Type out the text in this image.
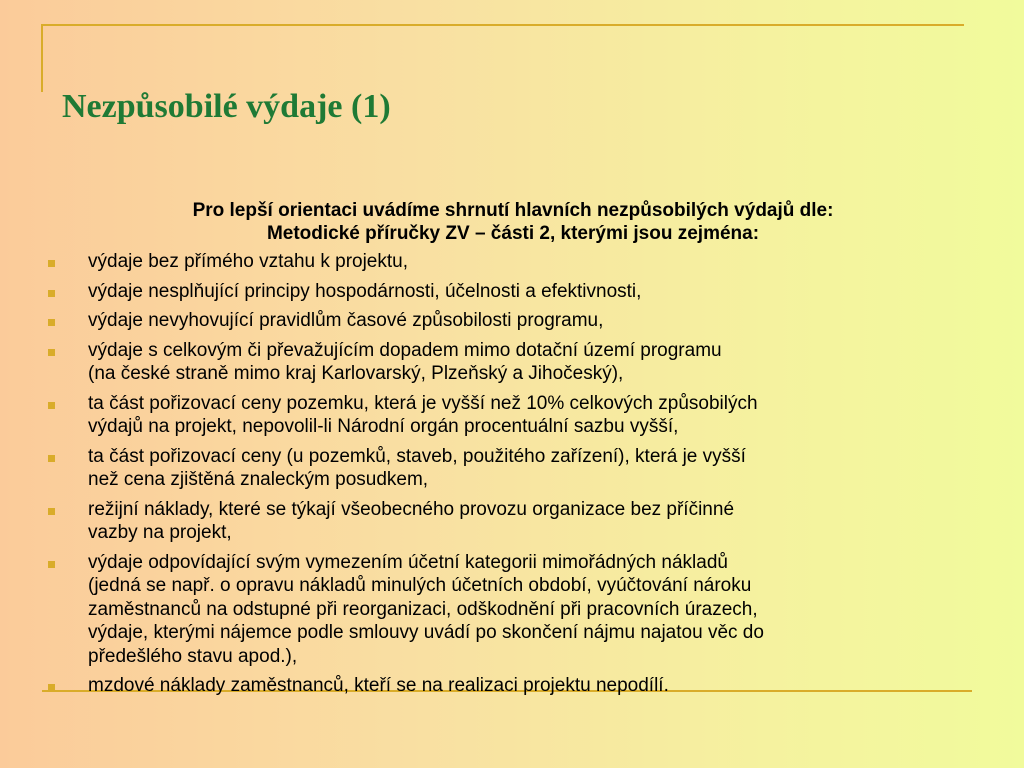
Nezpůsobilé výdaje (1)
Pro lepší orientaci uvádíme shrnutí hlavních nezpůsobilých výdajů dle:
Metodické příručky ZV – části 2, kterými jsou zejména:
výdaje bez přímého vztahu k projektu,
výdaje nesplňující principy hospodárnosti, účelnosti a efektivnosti,
výdaje nevyhovující pravidlům časové způsobilosti programu,
výdaje s celkovým či převažujícím dopadem mimo dotační území programu
(na české straně mimo kraj Karlovarský, Plzeňský a Jihočeský),
ta část pořizovací ceny pozemku, která je vyšší než 10% celkových způsobilých
výdajů na projekt, nepovolil-li Národní orgán procentuální sazbu vyšší,
ta část pořizovací ceny (u pozemků, staveb, použitého zařízení), která je vyšší
než cena zjištěná znaleckým posudkem,
režijní náklady, které se týkají všeobecného provozu organizace bez příčinné
vazby na projekt,
výdaje odpovídající svým vymezením účetní kategorii mimořádných nákladů
(jedná se např. o opravu nákladů minulých účetních období, vyúčtování nároku
zaměstnanců na odstupné při reorganizaci, odškodnění při pracovních úrazech,
výdaje, kterými nájemce podle smlouvy uvádí po skončení nájmu najatou věc do
předešlého stavu apod.),
mzdové náklady zaměstnanců, kteří se na realizaci projektu nepodílí.
